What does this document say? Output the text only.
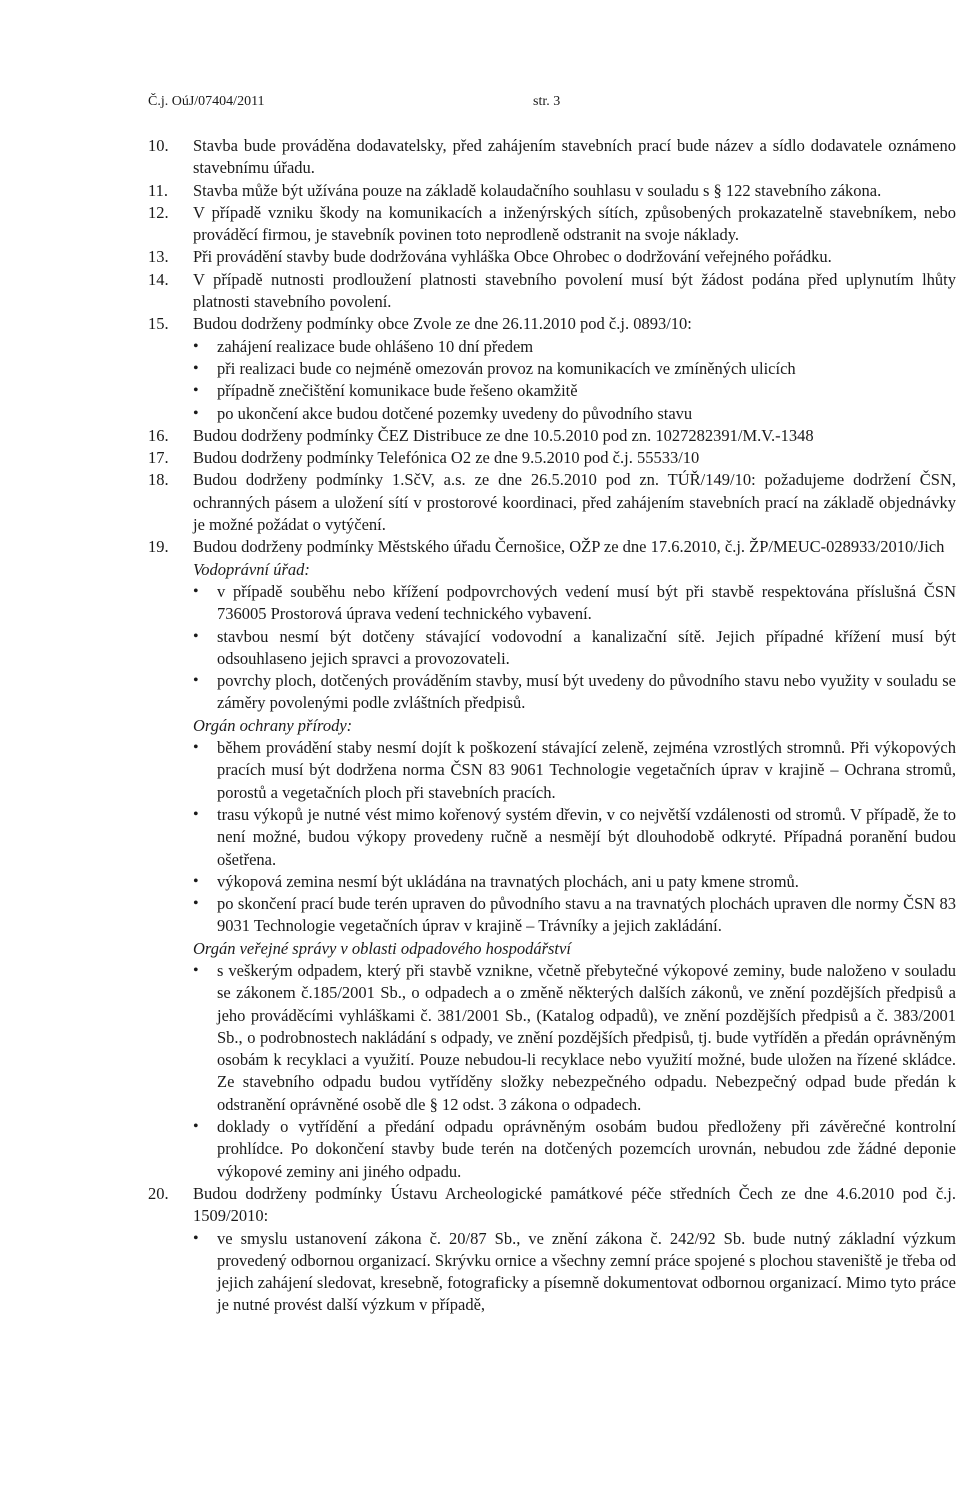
Č.j. OúJ/07404/2011	str. 3
10.	Stavba bude prováděna dodavatelsky, před zahájením stavebních prací bude název a sídlo dodavatele oznámeno stavebnímu úřadu.

11.	Stavba může být užívána pouze na základě kolaudačního souhlasu v souladu s § 122 stavebního zákona.

12.	V případě vzniku škody na komunikacích a inženýrských sítích, způsobených prokazatelně stavebníkem, nebo prováděcí firmou, je stavebník povinen toto neprodleně odstranit na svoje náklady.

13.	Při provádění stavby bude dodržována vyhláška Obce Ohrobec o dodržování veřejného pořádku.

14.	V případě nutnosti prodloužení platnosti stavebního povolení musí být žádost podána před uplynutím lhůty platnosti stavebního povolení.

15.	Budou dodrženy podmínky obce Zvole ze dne 26.11.2010 pod č.j. 0893/10:

• zahájení realizace bude ohlášeno 10 dní předem
• při realizaci bude co nejméně omezován provoz na komunikacích ve zmíněných ulicích
• případně znečištění komunikace bude řešeno okamžitě
• po ukončení akce budou dotčené pozemky uvedeny do původního stavu
16.	Budou dodrženy podmínky ČEZ Distribuce ze dne 10.5.2010 pod zn. 1027282391/M.V.-1348

17.	Budou dodrženy podmínky Telefónica O2 ze dne 9.5.2010 pod č.j. 55533/10

18.	Budou dodrženy podmínky 1.SčV, a.s. ze dne 26.5.2010 pod zn. TÚŘ/149/10: požadujeme dodržení ČSN, ochranných pásem a uložení sítí v prostorové koordinaci, před zahájením stavebních prací na základě objednávky je možné požádat o vytýčení.

19.	Budou dodrženy podmínky Městského úřadu Černošice, OŽP ze dne 17.6.2010, č.j. ŽP/MEUC-028933/2010/Jich

Vodoprávní úřad:

• v případě souběhu nebo křížení podpovrchových vedení musí být při stavbě respektována příslušná ČSN 736005 Prostorová úprava vedení technického vybavení.
• stavbou nesmí být dotčeny stávající vodovodní a kanalizační sítě. Jejich případné křížení musí být odsouhlaseno jejich spravci a provozovateli.
• povrchy ploch, dotčených prováděním stavby, musí být uvedeny do původního stavu nebo využity v souladu se záměry povolenými podle zvláštních předpisů.

Orgán ochrany přírody:

• během provádění staby nesmí dojít k poškození stávající zeleně, zejména vzrostlých stromnů. Při výkopových pracích musí být dodržena norma ČSN 83 9061 Technologie vegetačních úprav v krajině – Ochrana stromů, porostů a vegetačních ploch při stavebních pracích.
• trasu výkopů je nutné vést mimo kořenový systém dřevin, v co největší vzdálenosti od stromů. V případě, že to není možné, budou výkopy provedeny ručně a nesmějí být dlouhodobě odkryté. Případná poranění budou ošetřena.
• výkopová zemina nesmí být ukládána na travnatých plochách, ani u paty kmene stromů.
• po skončení prací bude terén upraven do původního stavu a na travnatých plochách upraven dle normy ČSN 83 9031 Technologie vegetačních úprav v krajině – Trávníky a jejich zakládání.

Orgán veřejné správy v oblasti odpadového hospodářství

• s veškerým odpadem, který při stavbě vznikne, včetně přebytečné výkopové zeminy, bude naloženo v souladu se zákonem č.185/2001 Sb., o odpadech a o změně některých dalších zákonů, ve znění pozdějších předpisů a jeho prováděcími vyhláškami č. 381/2001 Sb., (Katalog odpadů), ve znění pozdějších předpisů a č. 383/2001 Sb., o podrobnostech nakládání s odpady, ve znění pozdějších předpisů, tj. bude vytříděn a předán oprávněným osobám k recyklaci a využití. Pouze nebudou-li recyklace nebo využití možné, bude uložen na řízené skládce. Ze stavebního odpadu budou vytříděny složky nebezpečného odpadu. Nebezpečný odpad bude předán k odstranění oprávněné osobě dle § 12 odst. 3 zákona o odpadech.
• doklady o vytřídění a předání odpadu oprávněným osobám budou předloženy při závěrečné kontrolní prohlídce. Po dokončení stavby bude terén na dotčených pozemcích urovnán, nebudou zde žádné deponie výkopové zeminy ani jiného odpadu.
20.	Budou dodrženy podmínky Ústavu Archeologické památkové péče středních Čech ze dne 4.6.2010 pod č.j. 1509/2010:

• ve smyslu ustanovení zákona č. 20/87 Sb., ve znění zákona č. 242/92 Sb. bude nutný základní výzkum provedený odbornou organizací. Skrývku ornice a všechny zemní práce spojené s plochou staveniště je třeba od jejich zahájení sledovat, kresebně, fotograficky a písemně dokumentovat odbornou organizací. Mimo tyto práce je nutné provést další výzkum v případě,
